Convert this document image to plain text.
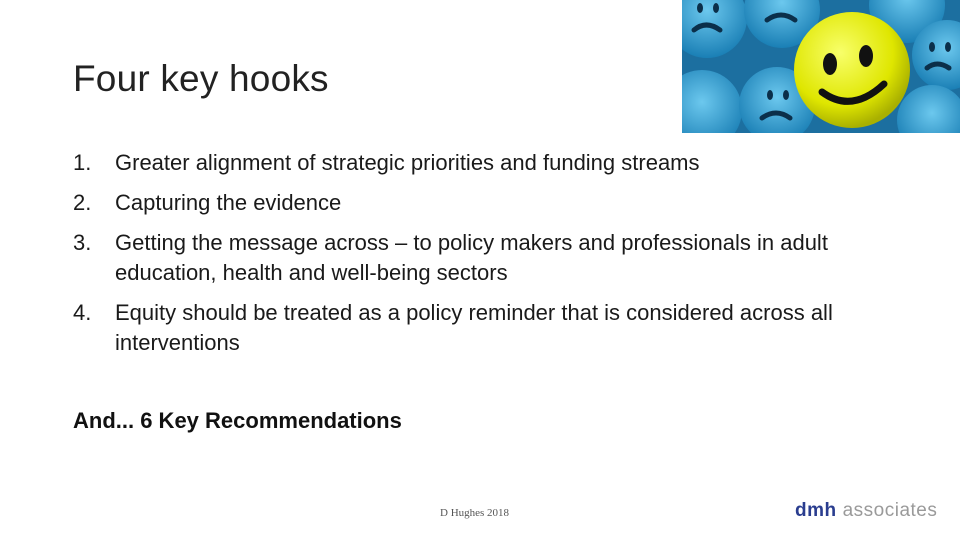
Four key hooks
1.	Greater alignment of strategic priorities and funding streams
2.	Capturing the evidence
3.	Getting the message across – to policy makers and professionals in adult education, health and well-being sectors
4.	Equity should be treated as a policy reminder that is considered across all interventions
And... 6 Key Recommendations
D Hughes 2018	dmh associates
